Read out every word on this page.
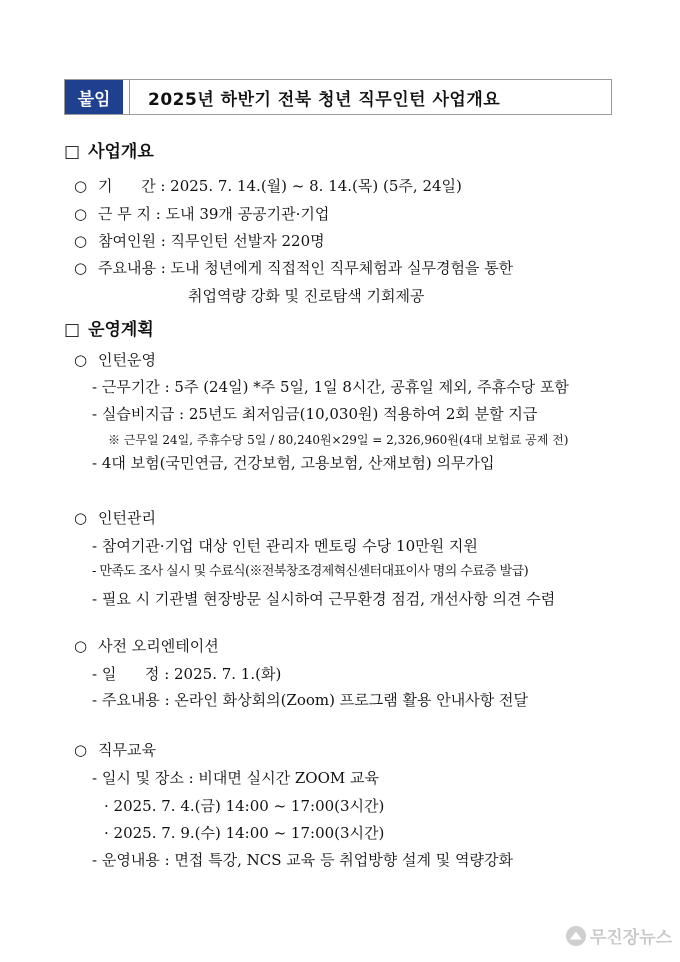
붙임	2025년 하반기 전북 청년 직무인턴 사업개요
□ 사업개요
○ 기      간 : 2025. 7. 14.(월) ~ 8. 14.(목) (5주, 24일)
○ 근 무 지 : 도내 39개 공공기관·기업
○ 참여인원 : 직무인턴 선발자 220명
○ 주요내용 : 도내 청년에게 직접적인 직무체험과 실무경험을 통한
취업역량 강화 및 진로탐색 기회제공
□ 운영계획
○ 인턴운영
- 근무기간 : 5주 (24일) *주 5일, 1일 8시간, 공휴일 제외, 주휴수당 포함
- 실습비지급 : 25년도 최저임금(10,030원) 적용하여 2회 분할 지급
※ 근무일 24일, 주휴수당 5일 / 80,240원×29일 = 2,326,960원(4대 보험료 공제 전)
- 4대 보험(국민연금, 건강보험, 고용보험, 산재보험) 의무가입
○ 인턴관리
- 참여기관·기업 대상 인턴 관리자 멘토링 수당 10만원 지원
- 만족도 조사 실시 및 수료식(※전북창조경제혁신센터대표이사 명의 수료증 발급)
- 필요 시 기관별 현장방문 실시하여 근무환경 점검, 개선사항 의견 수렴
○ 사전 오리엔테이션
- 일      정 : 2025. 7. 1.(화)
- 주요내용 : 온라인 화상회의(Zoom) 프로그램 활용 안내사항 전달
○ 직무교육
- 일시 및 장소 : 비대면 실시간 ZOOM 교육
· 2025. 7. 4.(금) 14:00 ~ 17:00(3시간)
· 2025. 7. 9.(수) 14:00 ~ 17:00(3시간)
- 운영내용 : 면접 특강, NCS 교육 등 취업방향 설계 및 역량강화
무진장뉴스
